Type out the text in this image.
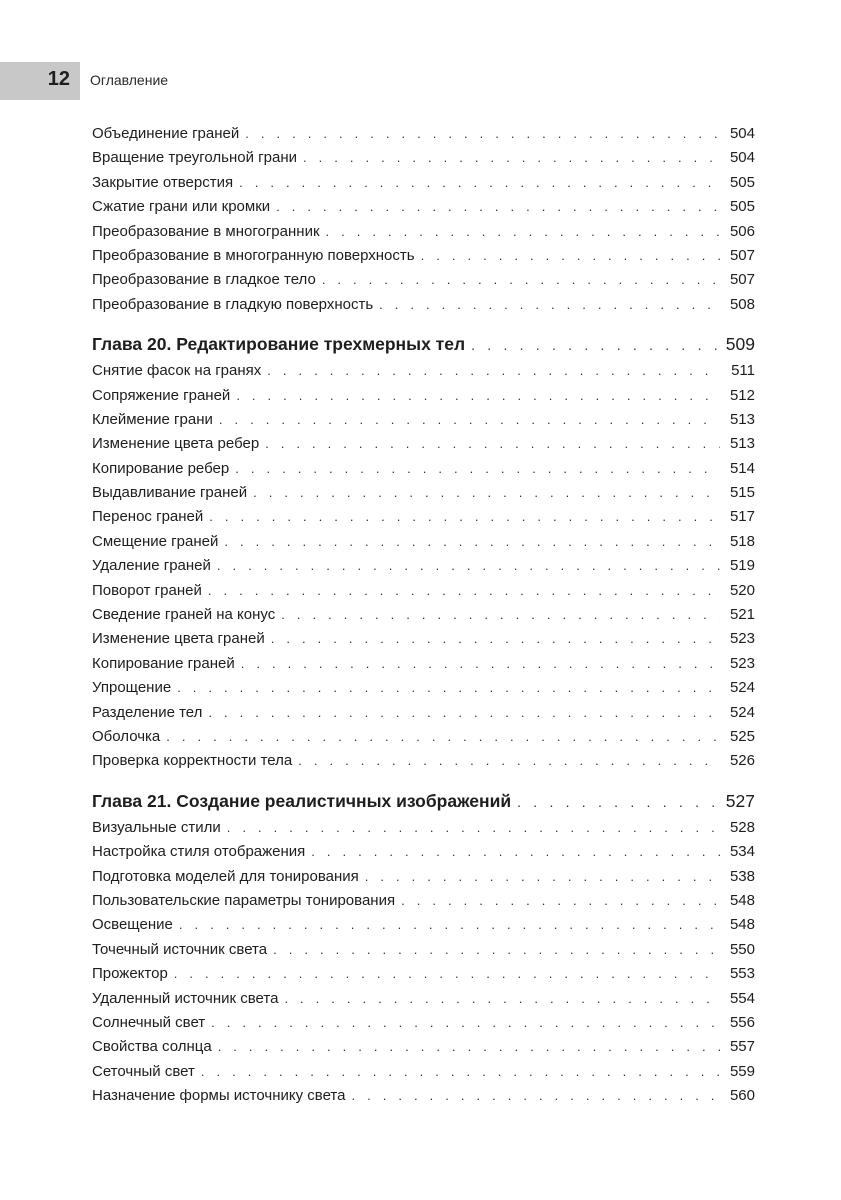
12 Оглавление
Объединение граней . . .	504
Вращение треугольной грани . . .	504
Закрытие отверстия . . .	505
Сжатие грани или кромки . . .	505
Преобразование в многогранник . . .	506
Преобразование в многогранную поверхность . . .	507
Преобразование в гладкое тело . . .	507
Преобразование в гладкую поверхность . . .	508
Глава 20. Редактирование трехмерных тел . . .	509
Снятие фасок на гранях . . .	511
Сопряжение граней . . .	512
Клеймение грани . . .	513
Изменение цвета ребер . . .	513
Копирование ребер . . .	514
Выдавливание граней . . .	515
Перенос граней . . .	517
Смещение граней . . .	518
Удаление граней . . .	519
Поворот граней . . .	520
Сведение граней на конус . . .	521
Изменение цвета граней . . .	523
Копирование граней . . .	523
Упрощение . . .	524
Разделение тел . . .	524
Оболочка . . .	525
Проверка корректности тела . . .	526
Глава 21. Создание реалистичных изображений . . .	527
Визуальные стили . . .	528
Настройка стиля отображения . . .	534
Подготовка моделей для тонирования . . .	538
Пользовательские параметры тонирования . . .	548
Освещение . . .	548
Точечный источник света . . .	550
Прожектор . . .	553
Удаленный источник света . . .	554
Солнечный свет . . .	556
Свойства солнца . . .	557
Сеточный свет . . .	559
Назначение формы источнику света . . .	560
